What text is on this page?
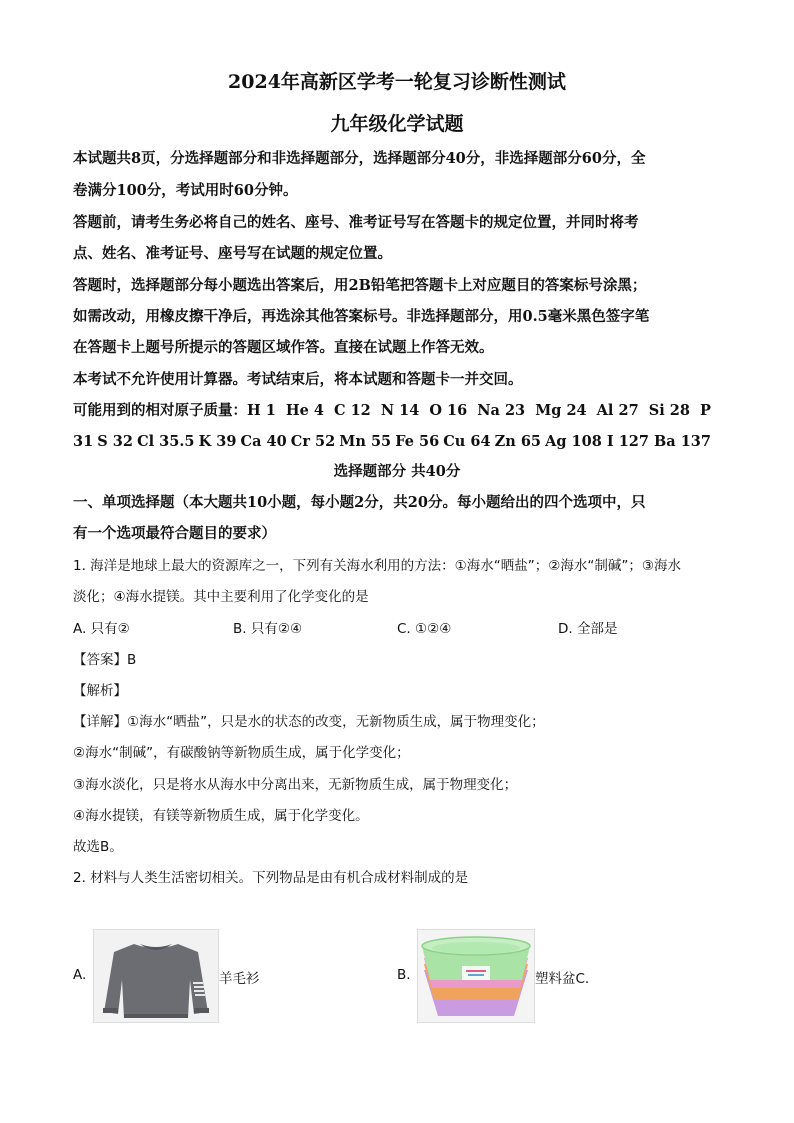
2024年高新区学考一轮复习诊断性测试
九年级化学试题
本试题共8页，分选择题部分和非选择题部分，选择题部分40分，非选择题部分60分，全
卷满分100分，考试用时60分钟。
答题前，请考生务必将自己的姓名、座号、准考证号写在答题卡的规定位置，并同时将考
点、姓名、准考证号、座号写在试题的规定位置。
答题时，选择题部分每小题选出答案后，用2B铅笔把答题卡上对应题目的答案标号涂黑；
如需改动，用橡皮擦干净后，再选涂其他答案标号。非选择题部分，用0.5毫米黑色签字笔
在答题卡上题号所提示的答题区域作答。直接在试题上作答无效。
本考试不允许使用计算器。考试结束后，将本试题和答题卡一并交回。
可能用到的相对原子质量：H 1 He 4 C 12 N 14 O 16 Na 23 Mg 24 Al 27 Si 28 P
31 S 32 Cl 35.5 K 39 Ca 40 Cr 52 Mn 55 Fe 56 Cu 64 Zn 65 Ag 108 I 127 Ba 137
选择题部分 共40分
一、单项选择题（本大题共10小题，每小题2分，共20分。每小题给出的四个选项中，只
有一个选项最符合题目的要求）
1. 海洋是地球上最大的资源库之一，下列有关海水利用的方法：①海水“晒盐”；②海水“制碱”；③海水
淡化；④海水提镁。其中主要利用了化学变化的是
A. 只有②	B. 只有②④	C. ①②④	D. 全部是
【答案】B
【解析】
【详解】①海水“晒盐”，只是水的状态的改变，无新物质生成，属于物理变化；
②海水“制碱”，有碳酸钠等新物质生成，属于化学变化；
③海水淡化，只是将水从海水中分离出来，无新物质生成，属于物理变化；
④海水提镁，有镁等新物质生成，属于化学变化。
故选B。
2. 材料与人类生活密切相关。下列物品是由有机合成材料制成的是
A.	羊毛衫	B.	塑料盆C.
